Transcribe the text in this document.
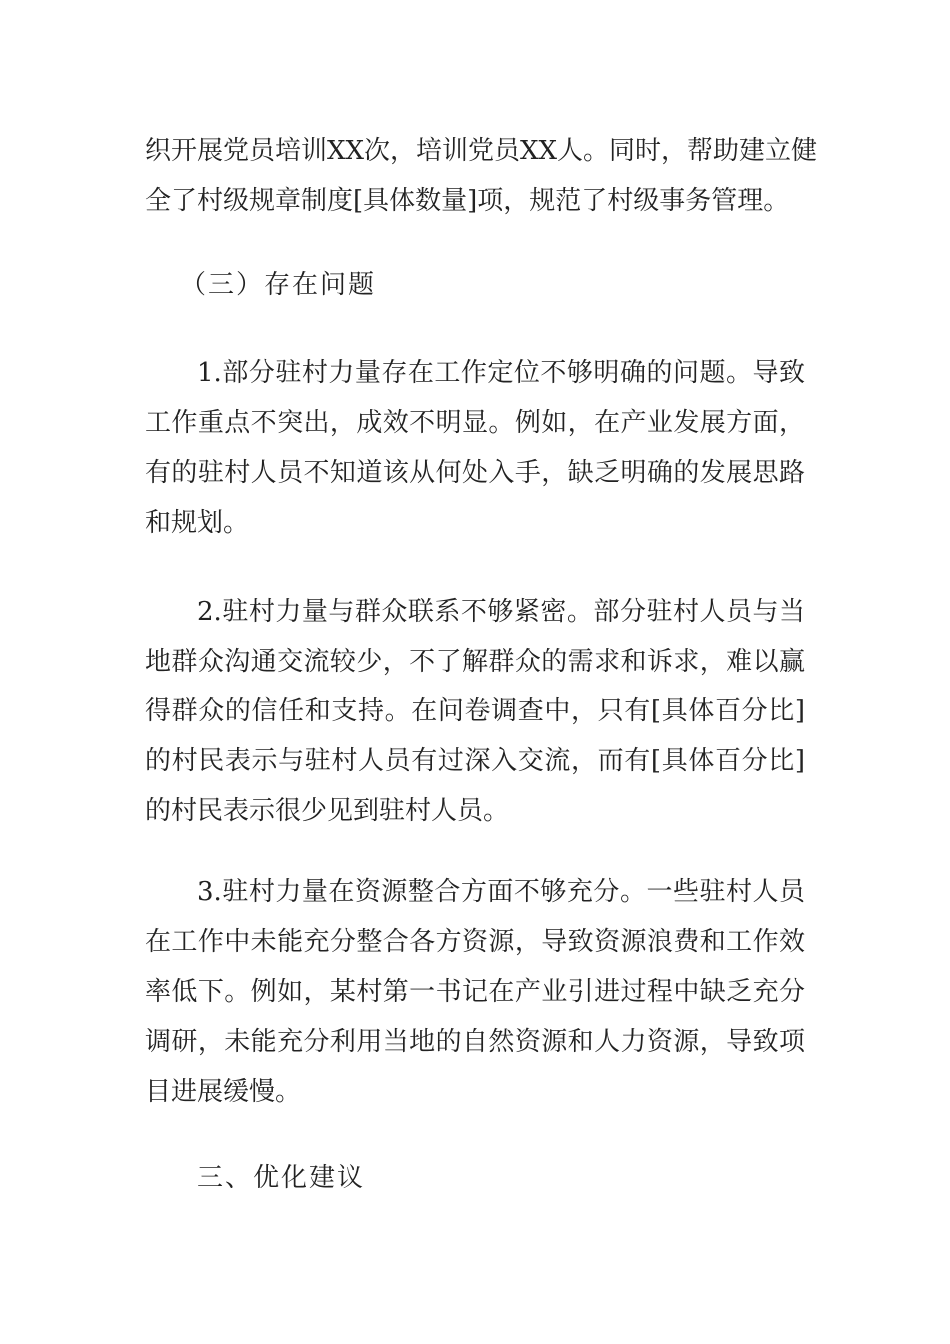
织开展党员培训XX次，培训党员XX人。同时，帮助建立健
全了村级规章制度[具体数量]项，规范了村级事务管理。
（三）存在问题
1.部分驻村力量存在工作定位不够明确的问题。导致
工作重点不突出，成效不明显。例如，在产业发展方面，
有的驻村人员不知道该从何处入手，缺乏明确的发展思路
和规划。
2.驻村力量与群众联系不够紧密。部分驻村人员与当
地群众沟通交流较少，不了解群众的需求和诉求，难以赢
得群众的信任和支持。在问卷调查中，只有[具体百分比]
的村民表示与驻村人员有过深入交流，而有[具体百分比]
的村民表示很少见到驻村人员。
3.驻村力量在资源整合方面不够充分。一些驻村人员
在工作中未能充分整合各方资源，导致资源浪费和工作效
率低下。例如，某村第一书记在产业引进过程中缺乏充分
调研，未能充分利用当地的自然资源和人力资源，导致项
目进展缓慢。
三、优化建议
